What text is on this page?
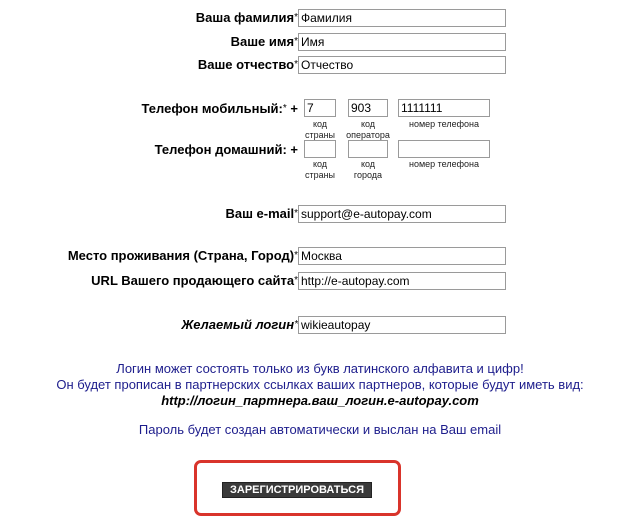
Ваша фамилия*
Фамилия
Ваше имя*
Имя
Ваше отчество*
Отчество
Телефон мобильный:* +
7
903
1111111
код
страны
код
оператора
номер телефона
Телефон домашний: +
код
страны
код
города
номер телефона
Ваш e-mail*
support@e-autopay.com
Место проживания (Страна, Город)*
Москва
URL Вашего продающего сайта*
http://e-autopay.com
Желаемый логин*
wikieautopay
Логин может состоять только из букв латинского алфавита и цифр!
Он будет прописан в партнерских ссылках ваших партнеров, которые будут иметь вид:
http://логин_партнера.ваш_логин.e-autopay.com
Пароль будет создан автоматически и выслан на Ваш email
ЗАРЕГИСТРИРОВАТЬСЯ
